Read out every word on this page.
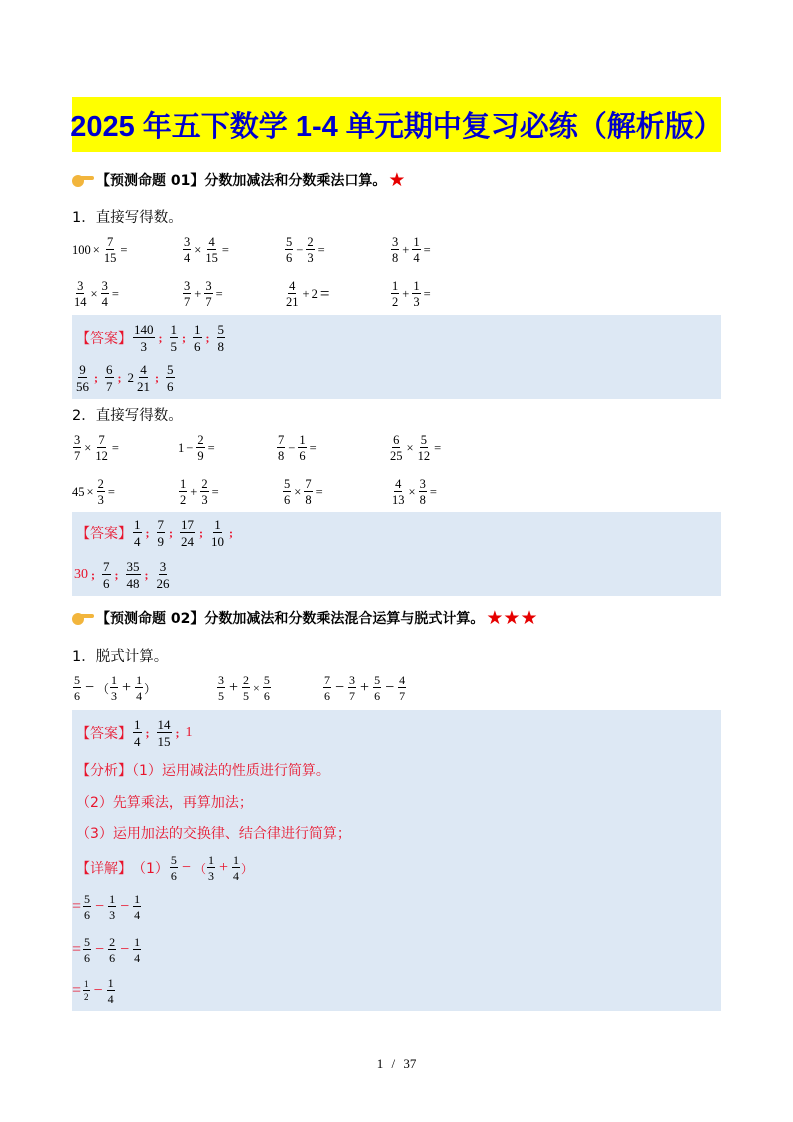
2025 年五下数学 1-4 单元期中复习必练（解析版）
【预测命题 01】分数加减法和分数乘法口算。 ★
1．直接写得数。
$100 \times \frac{7}{15}$ =	$\frac{3}{4} \times \frac{4}{15}$ =	$\frac{5}{6} - \frac{2}{3}$ =	$\frac{3}{8} + \frac{1}{4}$ =
$\frac{3}{14} \times \frac{3}{4}$ =	$\frac{3}{7} + \frac{3}{7}$ =	$\frac{4}{21} + 2$ =	$\frac{1}{2} + \frac{1}{3}$ =
【答案】 $\frac{140}{3}$ ; $\frac{1}{5}$ ; $\frac{1}{6}$ ; $\frac{5}{8}$
$\frac{9}{56}$ ; $\frac{6}{7}$ ; $2 \frac{4}{21}$ ; $\frac{5}{6}$
2．直接写得数。
$\frac{3}{7} \times \frac{7}{12}$ =	$1 - \frac{2}{9}$ =	$\frac{7}{8} - \frac{1}{6}$ =	$\frac{6}{25} \times \frac{5}{12}$ =
$45 \times \frac{2}{3}$ =	$\frac{1}{2} + \frac{2}{3}$ =	$\frac{5}{6} \times \frac{7}{8}$ =	$\frac{4}{13} \times \frac{3}{8}$ =
【答案】 $\frac{1}{4}$ ; $\frac{7}{9}$ ; $\frac{17}{24}$ ; $\frac{1}{10}$ ;
30 ; $\frac{7}{6}$ ; $\frac{35}{48}$ ; $\frac{3}{26}$
【预测命题 02】分数加减法和分数乘法混合运算与脱式计算。 ★ ★ ★
1．脱式计算。
$\frac{5}{6}$ − （ $\frac{1}{3} + \frac{1}{4}$ ）	$\frac{3}{5} + \frac{2}{5} \times \frac{5}{6}$	$\frac{7}{6} - \frac{3}{7} + \frac{5}{6} - \frac{4}{7}$
【答案】 $\frac{1}{4}$ ; $\frac{14}{15}$ ; 1
【分析】（1）运用减法的性质进行简算。
（2）先算乘法，再算加法；
（3）运用加法的交换律、结合律进行简算；
【详解】 $(1) \frac{5}{6}$ − （ $\frac{1}{3} + \frac{1}{4}$ ）
= $\frac{5}{6} - \frac{1}{3} - \frac{1}{4}$
= $\frac{5}{6} - \frac{2}{6} - \frac{1}{4}$
= $\frac{1}{2} - \frac{1}{4}$
1 / 37
